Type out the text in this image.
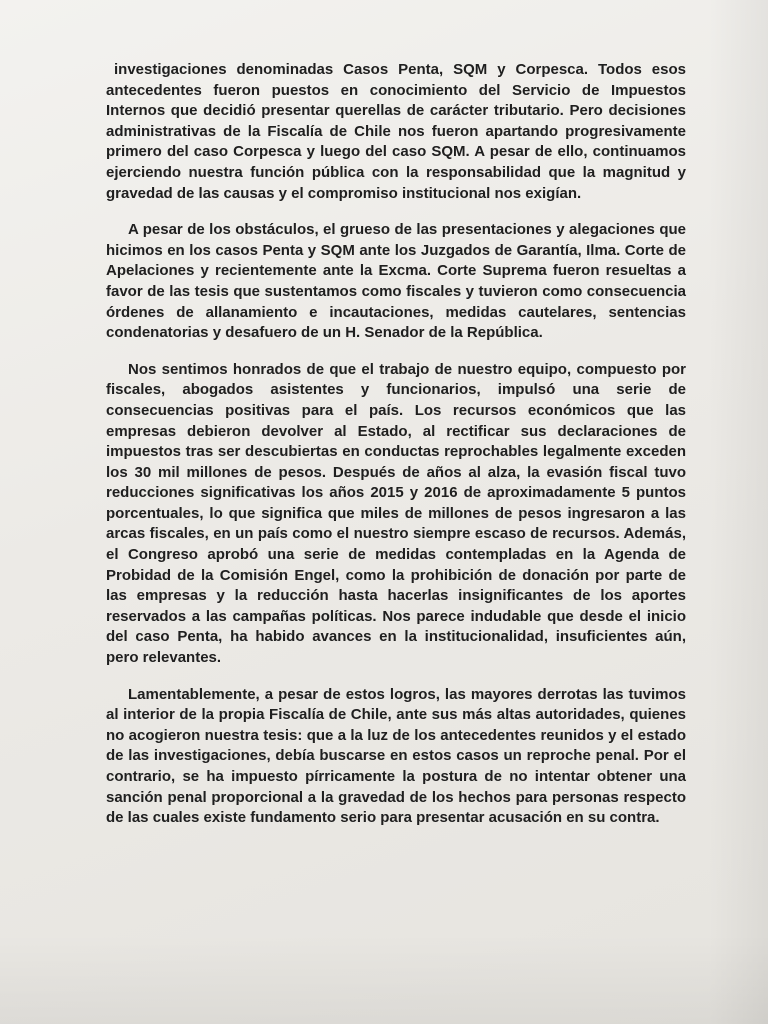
investigaciones denominadas Casos Penta, SQM y Corpesca. Todos esos antecedentes fueron puestos en conocimiento del Servicio de Impuestos Internos que decidió presentar querellas de carácter tributario. Pero decisiones administrativas de la Fiscalía de Chile nos fueron apartando progresivamente primero del caso Corpesca y luego del caso SQM. A pesar de ello, continuamos ejerciendo nuestra función pública con la responsabilidad que la magnitud y gravedad de las causas y el compromiso institucional nos exigían.

A pesar de los obstáculos, el grueso de las presentaciones y alegaciones que hicimos en los casos Penta y SQM ante los Juzgados de Garantía, Ilma. Corte de Apelaciones y recientemente ante la Excma. Corte Suprema fueron resueltas a favor de las tesis que sustentamos como fiscales y tuvieron como consecuencia órdenes de allanamiento e incautaciones, medidas cautelares, sentencias condenatorias y desafuero de un H. Senador de la República.

Nos sentimos honrados de que el trabajo de nuestro equipo, compuesto por fiscales, abogados asistentes y funcionarios, impulsó una serie de consecuencias positivas para el país. Los recursos económicos que las empresas debieron devolver al Estado, al rectificar sus declaraciones de impuestos tras ser descubiertas en conductas reprochables legalmente exceden los 30 mil millones de pesos. Después de años al alza, la evasión fiscal tuvo reducciones significativas los años 2015 y 2016 de aproximadamente 5 puntos porcentuales, lo que significa que miles de millones de pesos ingresaron a las arcas fiscales, en un país como el nuestro siempre escaso de recursos. Además, el Congreso aprobó una serie de medidas contempladas en la Agenda de Probidad de la Comisión Engel, como la prohibición de donación por parte de las empresas y la reducción hasta hacerlas insignificantes de los aportes reservados a las campañas políticas. Nos parece indudable que desde el inicio del caso Penta, ha habido avances en la institucionalidad, insuficientes aún, pero relevantes.

Lamentablemente, a pesar de estos logros, las mayores derrotas las tuvimos al interior de la propia Fiscalía de Chile, ante sus más altas autoridades, quienes no acogieron nuestra tesis: que a la luz de los antecedentes reunidos y el estado de las investigaciones, debía buscarse en estos casos un reproche penal. Por el contrario, se ha impuesto pírricamente la postura de no intentar obtener una sanción penal proporcional a la gravedad de los hechos para personas respecto de las cuales existe fundamento serio para presentar acusación en su contra.
